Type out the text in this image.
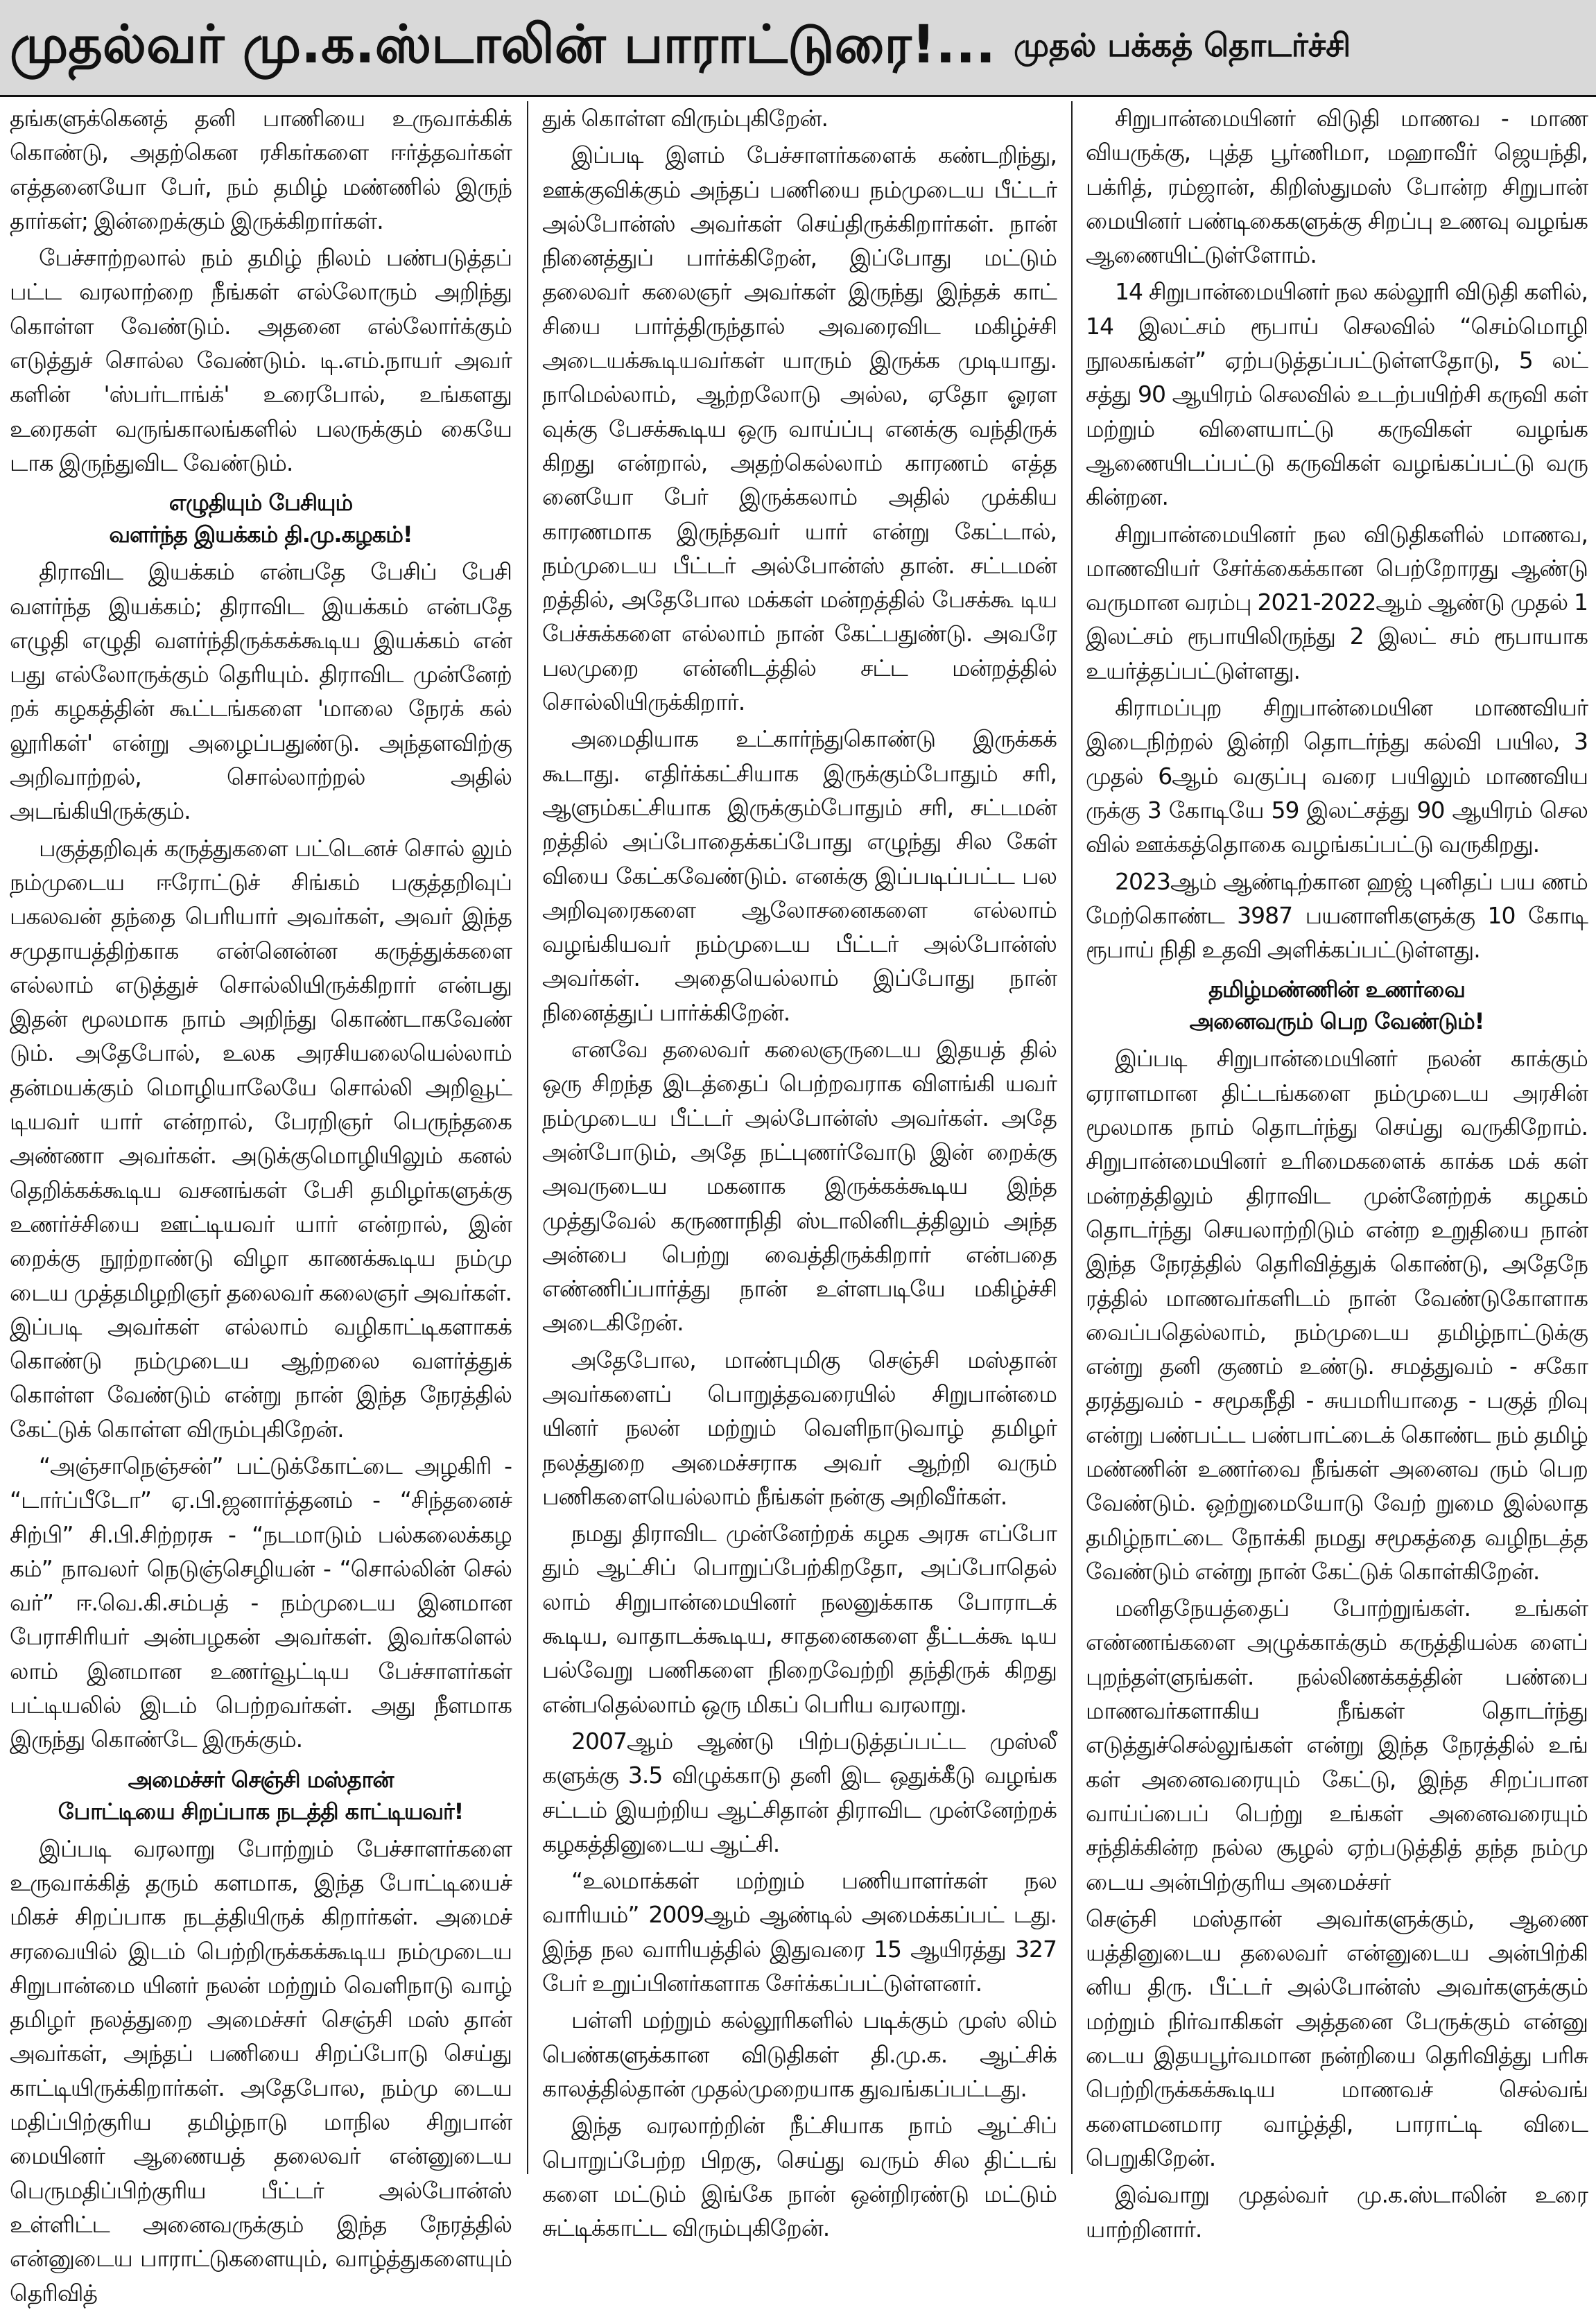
முதல்வர் மு.க.ஸ்டாலின் பாராட்டுரை!... முதல் பக்கத் தொடர்ச்சி

தங்களுக்கெனத் தனி பாணியை உருவாக்கிக் கொண்டு, அதற்கென ரசிகர்களை ஈர்த்தவர்கள் எத்தனையோ பேர், நம் தமிழ் மண்ணில் இருந் தார்கள்; இன்றைக்கும் இருக்கிறார்கள்.

பேச்சாற்றலால் நம் தமிழ் நிலம் பண்படுத்தப் பட்ட வரலாற்றை நீங்கள் எல்லோரும் அறிந்து கொள்ள வேண்டும். அதனை எல்லோர்க்கும் எடுத்துச் சொல்ல வேண்டும். டி.எம்.நாயர் அவர் களின் 'ஸ்பர்டாங்க்' உரைபோல், உங்களது உரைகள் வருங்காலங்களில் பலருக்கும் கையே டாக இருந்துவிட வேண்டும்.

எழுதியும் பேசியும்
வளர்ந்த இயக்கம் தி.மு.கழகம்!

திராவிட இயக்கம் என்பதே பேசிப் பேசி வளர்ந்த இயக்கம்; திராவிட இயக்கம் என்பதே எழுதி எழுதி வளர்ந்திருக்கக்கூடிய இயக்கம் என் பது எல்லோருக்கும் தெரியும். திராவிட முன்னேற் றக் கழகத்தின் கூட்டங்களை 'மாலை நேரக் கல் லூரிகள்' என்று அழைப்பதுண்டு. அந்தளவிற்கு அறிவாற்றல், சொல்லாற்றல் அதில் அடங்கியிருக்கும்.

பகுத்தறிவுக் கருத்துகளை பட்டெனச் சொல் லும் நம்முடைய ஈரோட்டுச் சிங்கம் பகுத்தறிவுப் பகலவன் தந்தை பெரியார் அவர்கள், அவர் இந்த சமுதாயத்திற்காக என்னென்ன கருத்துக்களை எல்லாம் எடுத்துச் சொல்லியிருக்கிறார் என்பது இதன் மூலமாக நாம் அறிந்து கொண்டாகவேண் டும். அதேபோல், உலக அரசியலையெல்லாம் தன்மயக்கும் மொழியாலேயே சொல்லி அறிவூட் டியவர் யார் என்றால், பேரறிஞர் பெருந்தகை அண்ணா அவர்கள். அடுக்குமொழியிலும் கனல் தெறிக்கக்கூடிய வசனங்கள் பேசி தமிழர்களுக்கு உணர்ச்சியை ஊட்டியவர் யார் என்றால், இன் றைக்கு நூற்றாண்டு விழா காணக்கூடிய நம்மு டைய முத்தமிழறிஞர் தலைவர் கலைஞர் அவர்கள். இப்படி அவர்கள் எல்லாம் வழிகாட்டிகளாகக் கொண்டு நம்முடைய ஆற்றலை வளர்த்துக் கொள்ள வேண்டும் என்று நான் இந்த நேரத்தில் கேட்டுக் கொள்ள விரும்புகிறேன்.

“அஞ்சாநெஞ்சன்” பட்டுக்கோட்டை அழகிரி - “டார்ப்பீடோ” ஏ.பி.ஜனார்த்தனம் - “சிந்தனைச் சிற்பி” சி.பி.சிற்றரசு - “நடமாடும் பல்கலைக்கழ கம்” நாவலர் நெடுஞ்செழியன் - “சொல்லின் செல் வர்” ஈ.வெ.கி.சம்பத் - நம்முடைய இனமான பேராசிரியர் அன்பழகன் அவர்கள். இவர்களெல் லாம் இனமான உணர்வூட்டிய பேச்சாளர்கள் பட்டியலில் இடம் பெற்றவர்கள். அது நீளமாக இருந்து கொண்டே இருக்கும்.

அமைச்சர் செஞ்சி மஸ்தான்
போட்டியை சிறப்பாக நடத்தி காட்டியவர்!

இப்படி வரலாறு போற்றும் பேச்சாளர்களை உருவாக்கித் தரும் களமாக, இந்த போட்டியைச் மிகச் சிறப்பாக நடத்தியிருக் கிறார்கள். அமைச் சரவையில் இடம் பெற்றிருக்கக்கூடிய நம்முடைய சிறுபான்மை யினர் நலன் மற்றும் வெளிநாடு வாழ் தமிழர் நலத்துறை அமைச்சர் செஞ்சி மஸ் தான் அவர்கள், அந்தப் பணியை சிறப்போடு செய்து காட்டியிருக்கிறார்கள். அதேபோல, நம்மு டைய மதிப்பிற்குரிய தமிழ்நாடு மாநில சிறுபான் மையினர் ஆணையத் தலைவர் என்னுடைய பெருமதிப்பிற்குரிய பீட்டர் அல்போன்ஸ் உள்ளிட்ட அனைவருக்கும் இந்த நேரத்தில் என்னுடைய பாராட்டுகளையும், வாழ்த்துகளையும் தெரிவித்

துக் கொள்ள விரும்புகிறேன்.

இப்படி இளம் பேச்சாளர்களைக் கண்டறிந்து, ஊக்குவிக்கும் அந்தப் பணியை நம்முடைய பீட்டர் அல்போன்ஸ் அவர்கள் செய்திருக்கிறார்கள். நான் நினைத்துப் பார்க்கிறேன், இப்போது மட்டும் தலைவர் கலைஞர் அவர்கள் இருந்து இந்தக் காட் சியை பார்த்திருந்தால் அவரைவிட மகிழ்ச்சி அடையக்கூடியவர்கள் யாரும் இருக்க முடியாது. நாமெல்லாம், ஆற்றலோடு அல்ல, ஏதோ ஓரள வுக்கு பேசக்கூடிய ஒரு வாய்ப்பு எனக்கு வந்திருக் கிறது என்றால், அதற்கெல்லாம் காரணம் எத்த னையோ பேர் இருக்கலாம் அதில் முக்கிய காரணமாக இருந்தவர் யார் என்று கேட்டால், நம்முடைய பீட்டர் அல்போன்ஸ் தான். சட்டமன் றத்தில், அதேபோல மக்கள் மன்றத்தில் பேசக்கூ டிய பேச்சுக்களை எல்லாம் நான் கேட்பதுண்டு. அவரே பலமுறை என்னிடத்தில் சட்ட மன்றத்தில் சொல்லியிருக்கிறார்.

அமைதியாக உட்கார்ந்துகொண்டு இருக்கக் கூடாது. எதிர்க்கட்சியாக இருக்கும்போதும் சரி, ஆளும்கட்சியாக இருக்கும்போதும் சரி, சட்டமன் றத்தில் அப்போதைக்கப்போது எழுந்து சில கேள் வியை கேட்கவேண்டும். எனக்கு இப்படிப்பட்ட பல அறிவுரைகளை ஆலோசனைகளை எல்லாம் வழங்கியவர் நம்முடைய பீட்டர் அல்போன்ஸ் அவர்கள். அதையெல்லாம் இப்போது நான் நினைத்துப் பார்க்கிறேன்.

எனவே தலைவர் கலைஞருடைய இதயத் தில் ஒரு சிறந்த இடத்தைப் பெற்றவராக விளங்கி யவர் நம்முடைய பீட்டர் அல்போன்ஸ் அவர்கள். அதே அன்போடும், அதே நட்புணர்வோடு இன் றைக்கு அவருடைய மகனாக இருக்கக்கூடிய இந்த முத்துவேல் கருணாநிதி ஸ்டாலினிடத்திலும் அந்த அன்பை பெற்று வைத்திருக்கிறார் என்பதை எண்ணிப்பார்த்து நான் உள்ளபடியே மகிழ்ச்சி அடைகிறேன்.

அதேபோல, மாண்புமிகு செஞ்சி மஸ்தான் அவர்களைப் பொறுத்தவரையில் சிறுபான்மை யினர் நலன் மற்றும் வெளிநாடுவாழ் தமிழர் நலத்துறை அமைச்சராக அவர் ஆற்றி வரும் பணிகளையெல்லாம் நீங்கள் நன்கு அறிவீர்கள்.

நமது திராவிட முன்னேற்றக் கழக அரசு எப்போ தும் ஆட்சிப் பொறுப்பேற்கிறதோ, அப்போதெல் லாம் சிறுபான்மையினர் நலனுக்காக போராடக் கூடிய, வாதாடக்கூடிய, சாதனைகளை தீட்டக்கூ டிய பல்வேறு பணிகளை நிறைவேற்றி தந்திருக் கிறது என்பதெல்லாம் ஒரு மிகப் பெரிய வரலாறு.

2007ஆம் ஆண்டு பிற்படுத்தப்பட்ட முஸ்லீ களுக்கு 3.5 விழுக்காடு தனி இட ஒதுக்கீடு வழங்க சட்டம் இயற்றிய ஆட்சிதான் திராவிட முன்னேற்றக் கழகத்தினுடைய ஆட்சி.

“உலமாக்கள் மற்றும் பணியாளர்கள் நல வாரியம்” 2009ஆம் ஆண்டில் அமைக்கப்பட் டது. இந்த நல வாரியத்தில் இதுவரை 15 ஆயிரத்து 327 பேர் உறுப்பினர்களாக சேர்க்கப்பட்டுள்ளனர்.

பள்ளி மற்றும் கல்லூரிகளில் படிக்கும் முஸ் லிம் பெண்களுக்கான விடுதிகள் தி.மு.க. ஆட்சிக் காலத்தில்தான் முதல்முறையாக துவங்கப்பட்டது.

இந்த வரலாற்றின் நீட்சியாக நாம் ஆட்சிப் பொறுப்பேற்ற பிறகு, செய்து வரும் சில திட்டங் களை மட்டும் இங்கே நான் ஒன்றிரண்டு மட்டும் சுட்டிக்காட்ட விரும்புகிறேன்.

சிறுபான்மையினர் விடுதி மாணவ - மாண வியருக்கு, புத்த பூர்ணிமா, மஹாவீர் ஜெயந்தி, பக்ரித், ரம்ஜான், கிறிஸ்துமஸ் போன்ற சிறுபான் மையினர் பண்டிகைகளுக்கு சிறப்பு உணவு வழங்க ஆணையிட்டுள்ளோம்.

14 சிறுபான்மையினர் நல கல்லூரி விடுதி களில், 14 இலட்சம் ரூபாய் செலவில் “செம்மொழி நூலகங்கள்” ஏற்படுத்தப்பட்டுள்ளதோடு, 5 லட் சத்து 90 ஆயிரம் செலவில் உடற்பயிற்சி கருவி கள் மற்றும் விளையாட்டு கருவிகள் வழங்க ஆணையிடப்பட்டு கருவிகள் வழங்கப்பட்டு வரு கின்றன.

சிறுபான்மையினர் நல விடுதிகளில் மாணவ, மாணவியர் சேர்க்கைக்கான பெற்றோரது ஆண்டு வருமான வரம்பு 2021-2022ஆம் ஆண்டு முதல் 1 இலட்சம் ரூபாயிலிருந்து 2 இலட் சம் ரூபாயாக உயர்த்தப்பட்டுள்ளது.

கிராமப்புற சிறுபான்மையின மாணவியர் இடைநிற்றல் இன்றி தொடர்ந்து கல்வி பயில, 3 முதல் 6ஆம் வகுப்பு வரை பயிலும் மாணவிய ருக்கு 3 கோடியே 59 இலட்சத்து 90 ஆயிரம் செல வில் ஊக்கத்தொகை வழங்கப்பட்டு வருகிறது.

2023ஆம் ஆண்டிற்கான ஹஜ் புனிதப் பய ணம் மேற்கொண்ட 3987 பயனாளிகளுக்கு 10 கோடி ரூபாய் நிதி உதவி அளிக்கப்பட்டுள்ளது.

தமிழ்மண்ணின் உணர்வை
அனைவரும் பெற வேண்டும்!

இப்படி சிறுபான்மையினர் நலன் காக்கும் ஏராளமான திட்டங்களை நம்முடைய அரசின் மூலமாக நாம் தொடர்ந்து செய்து வருகிறோம். சிறுபான்மையினர் உரிமைகளைக் காக்க மக் கள் மன்றத்திலும் திராவிட முன்னேற்றக் கழகம் தொடர்ந்து செயலாற்றிடும் என்ற உறுதியை நான் இந்த நேரத்தில் தெரிவித்துக் கொண்டு, அதேநே ரத்தில் மாணவர்களிடம் நான் வேண்டுகோளாக வைப்பதெல்லாம், நம்முடைய தமிழ்நாட்டுக்கு என்று தனி குணம் உண்டு. சமத்துவம் - சகோ தரத்துவம் - சமூகநீதி - சுயமரியாதை - பகுத் றிவு என்று பண்பட்ட பண்பாட்டைக் கொண்ட நம் தமிழ் மண்ணின் உணர்வை நீங்கள் அனைவ ரும் பெற வேண்டும். ஒற்றுமையோடு வேற் றுமை இல்லாத தமிழ்நாட்டை நோக்கி நமது சமூகத்தை வழிநடத்த வேண்டும் என்று நான் கேட்டுக் கொள்கிறேன்.

மனிதநேயத்தைப் போற்றுங்கள். உங்கள் எண்ணங்களை அழுக்காக்கும் கருத்தியல்க ளைப் புறந்தள்ளுங்கள். நல்லிணக்கத்தின் பண்பை மாணவர்களாகிய நீங்கள் தொடர்ந்து எடுத்துச்செல்லுங்கள் என்று இந்த நேரத்தில் உங் கள் அனைவரையும் கேட்டு, இந்த சிறப்பான வாய்ப்பைப் பெற்று உங்கள் அனைவரையும் சந்திக்கின்ற நல்ல சூழல் ஏற்படுத்தித் தந்த நம்மு டைய அன்பிற்குரிய அமைச்சர்

செஞ்சி மஸ்தான் அவர்களுக்கும், ஆணை யத்தினுடைய தலைவர் என்னுடைய அன்பிற்கி னிய திரு. பீட்டர் அல்போன்ஸ் அவர்களுக்கும் மற்றும் நிர்வாகிகள் அத்தனை பேருக்கும் என்னு டைய இதயபூர்வமான நன்றியை தெரிவித்து பரிசு பெற்றிருக்கக்கூடிய மாணவச் செல்வங் களைமனமார வாழ்த்தி, பாராட்டி விடை பெறுகிறேன்.

இவ்வாறு முதல்வர் மு.க.ஸ்டாலின் உரை யாற்றினார்.
